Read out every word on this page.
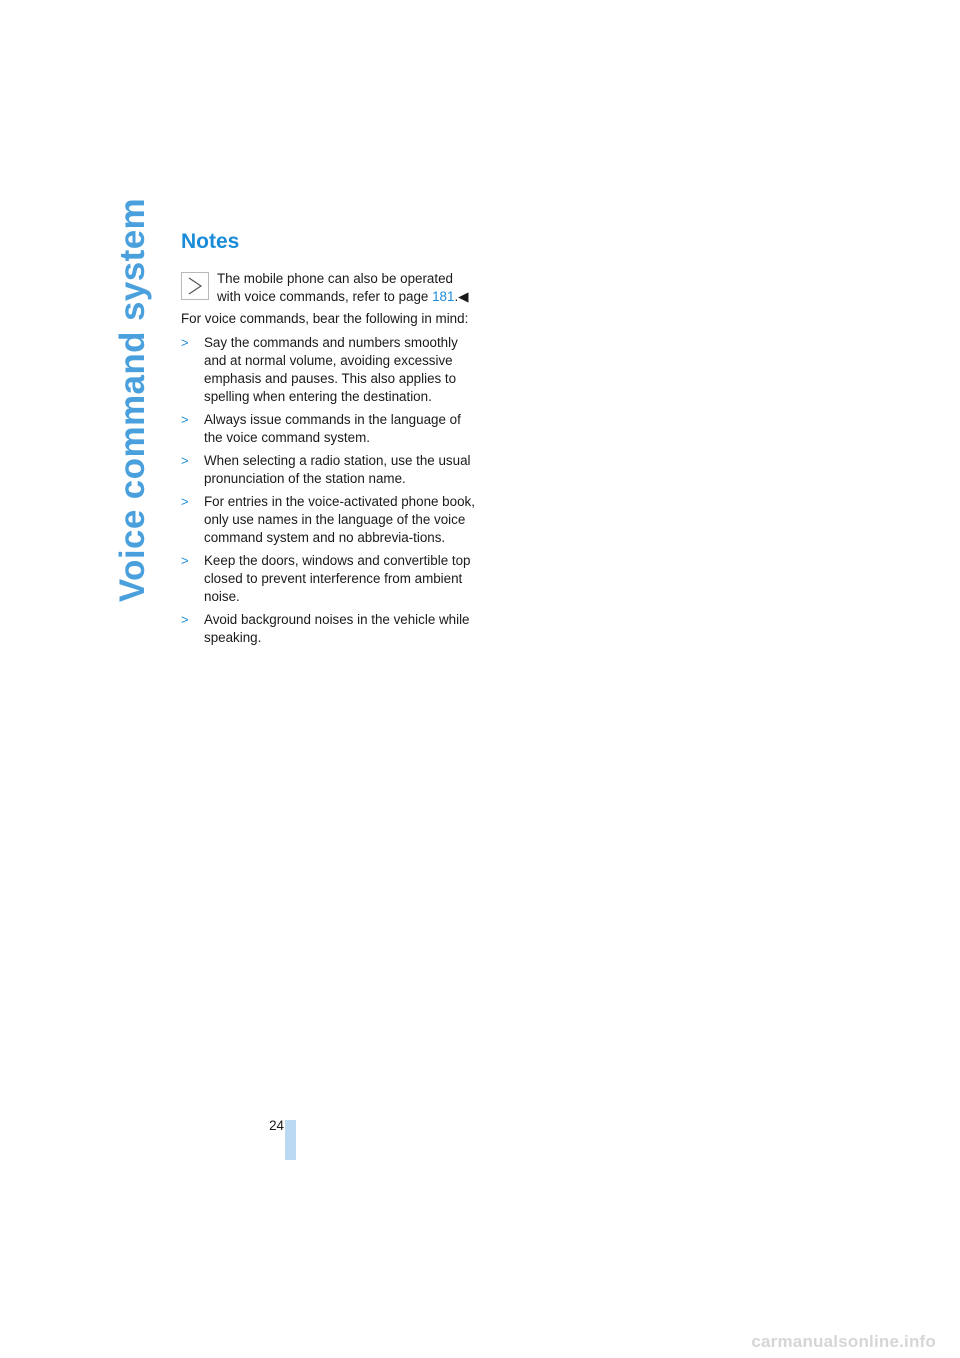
Voice command system Notes
The mobile phone can also be operated with voice commands, refer to page 181.◀

For voice commands, bear the following in mind:

> Say the commands and numbers smoothly and at normal volume, avoiding excessive emphasis and pauses. This also applies to spelling when entering the destination.
> Always issue commands in the language of the voice command system.
> When selecting a radio station, use the usual pronunciation of the station name.
> For entries in the voice-activated phone book, only use names in the language of the voice command system and no abbrevia-tions.
> Keep the doors, windows and convertible top closed to prevent interference from ambient noise.
> Avoid background noises in the vehicle while speaking.
24
carmanualsonline.info
